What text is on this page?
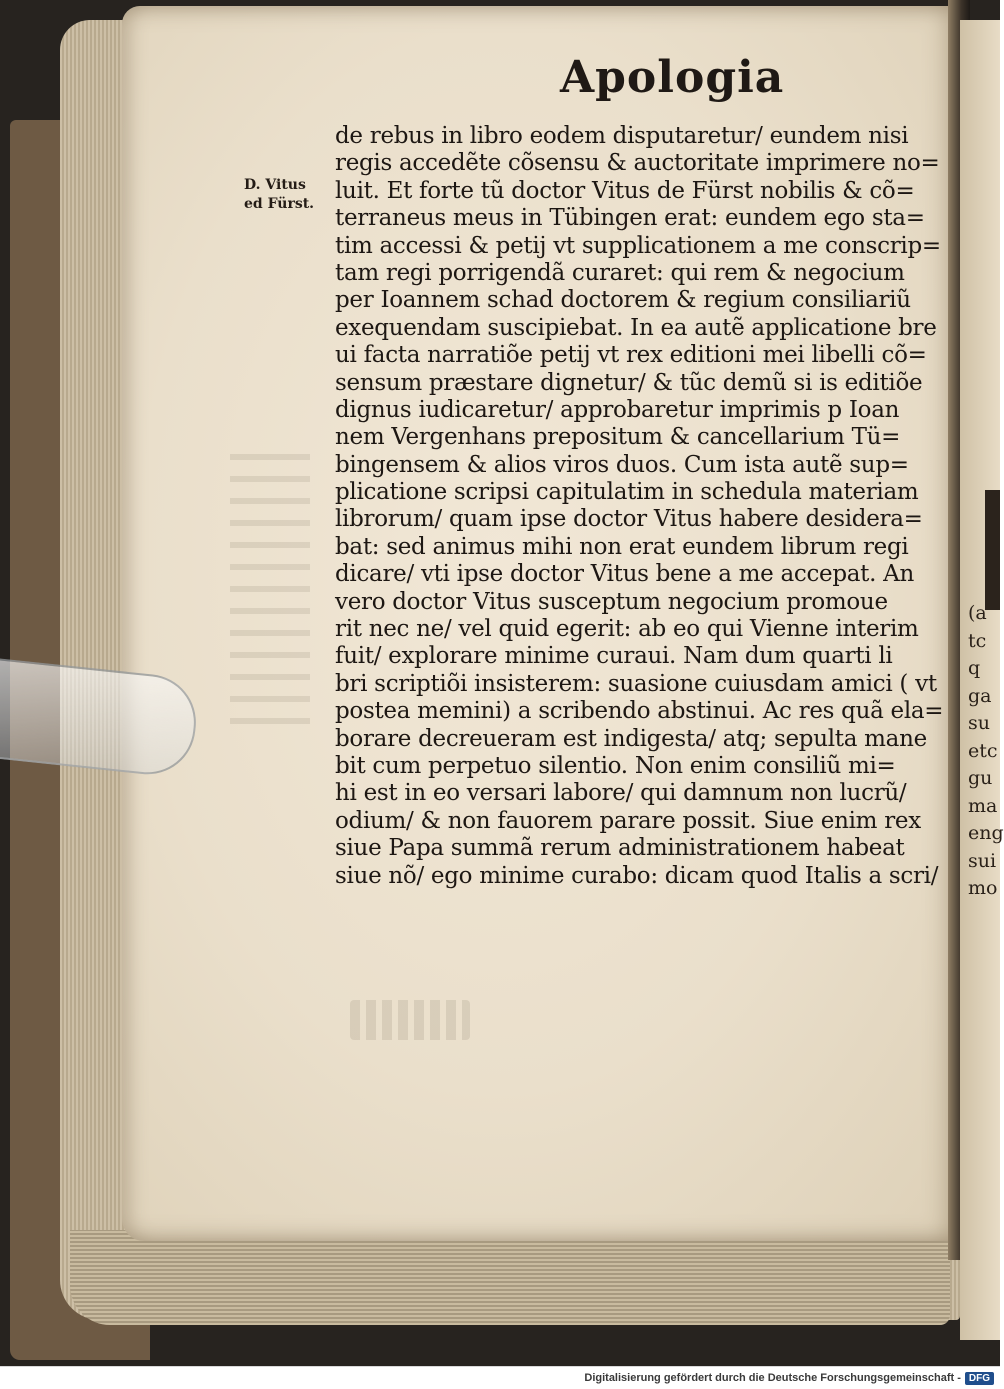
(a
tc
q
ga
su
etc
gu
ma
eng
sui
mo
Apologia
D. Vitus
ed Fürst.
de rebus in libro eodem disputaretur/ eundem nisi
regis accedẽte cõsensu & auctoritate imprimere no=
luit. Et forte tũ doctor Vitus de Fürst nobilis & cõ=
terraneus meus in Tübingen erat: eundem ego sta=
tim accessi & petij vt supplicationem a me conscrip=
tam regi porrigendã curaret: qui rem & negocium
per Ioannem schad doctorem & regium consiliariũ
exequendam suscipiebat. In ea autẽ applicatione bre
ui facta narratiõe petij vt rex editioni mei libelli cõ=
sensum præstare dignetur/ & tũc demũ si is editiõe
dignus iudicaretur/ approbaretur imprimis p Ioan
nem Vergenhans prepositum & cancellarium Tü=
bingensem & alios viros duos. Cum ista autẽ sup=
plicatione scripsi capitulatim in schedula materiam
librorum/ quam ipse doctor Vitus habere desidera=
bat: sed animus mihi non erat eundem librum regi
dicare/ vti ipse doctor Vitus bene a me accepat. An
vero doctor Vitus susceptum negocium promoue
rit nec ne/ vel quid egerit: ab eo qui Vienne interim
fuit/ explorare minime curaui. Nam dum quarti li
bri scriptiõi insisterem: suasione cuiusdam amici ( vt
postea memini) a scribendo abstinui. Ac res quã ela=
borare decreueram est indigesta/ atq; sepulta mane
bit cum perpetuo silentio. Non enim consiliũ mi=
hi est in eo versari labore/ qui damnum non lucrũ/
odium/ & non fauorem parare possit. Siue enim rex
siue Papa summã rerum administrationem habeat
siue nõ/ ego minime curabo: dicam quod Italis a scri/
Digitalisierung gefördert durch die Deutsche Forschungsgemeinschaft - DFG
